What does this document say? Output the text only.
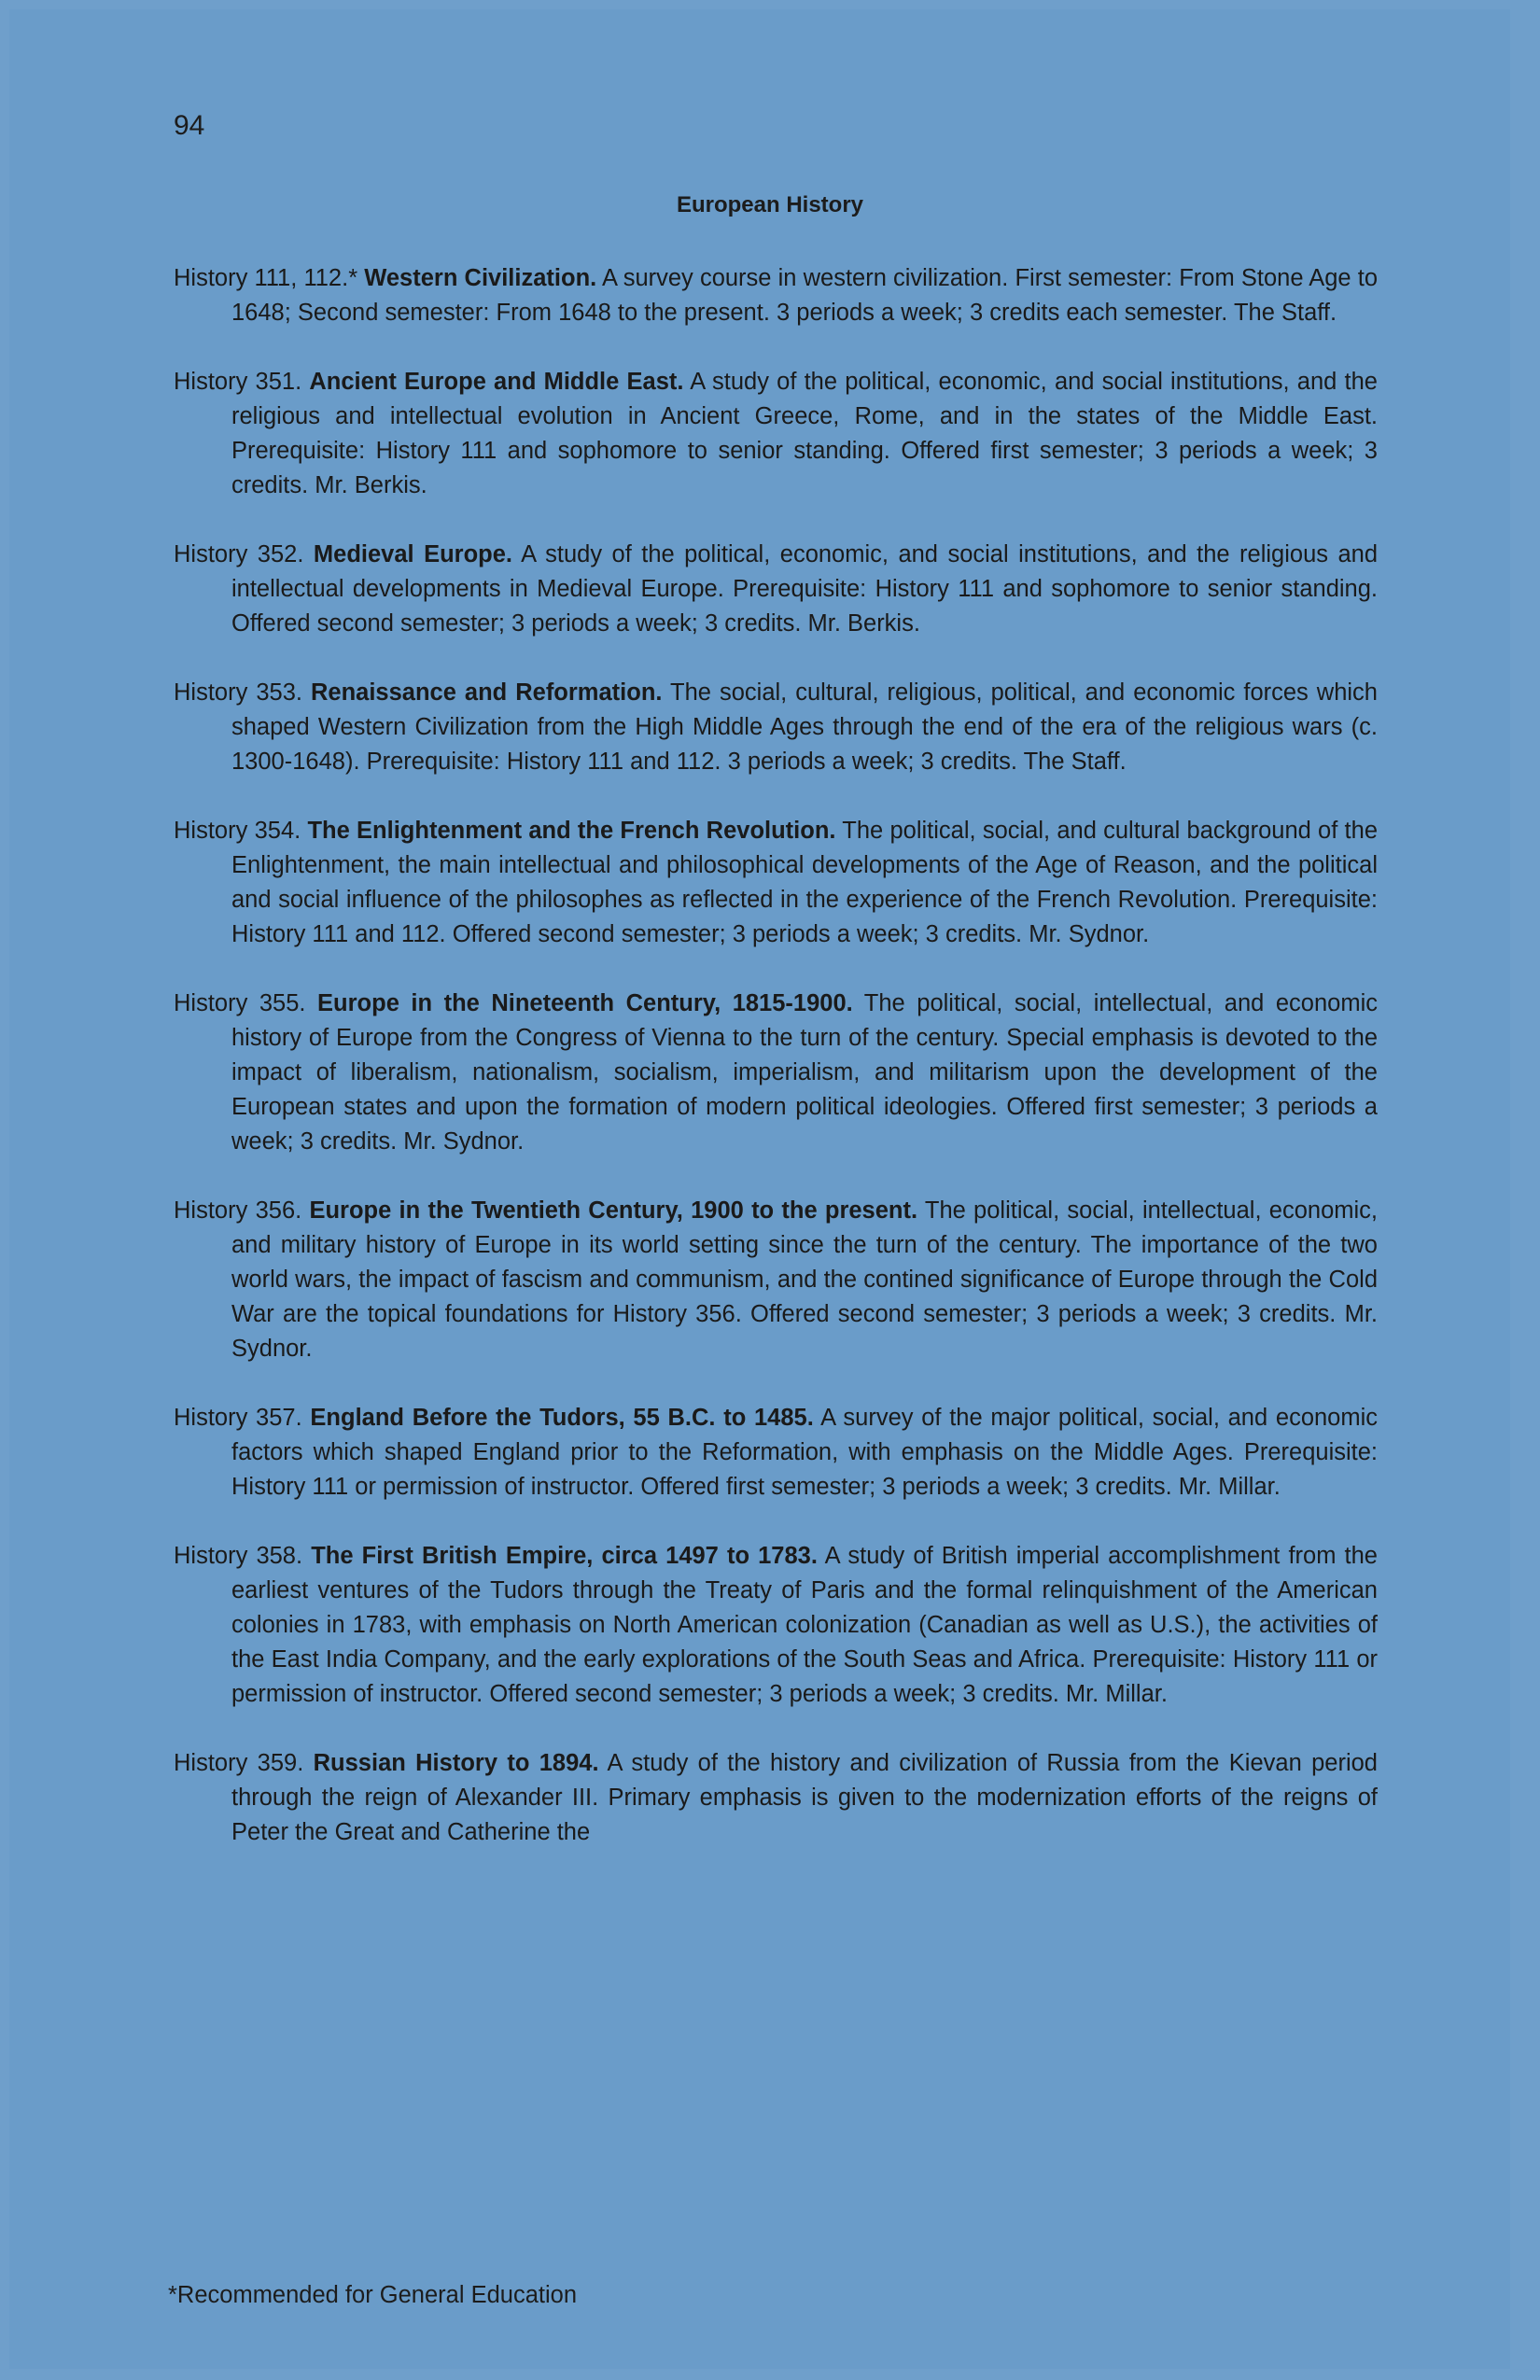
94
European History

History 111, 112.* Western Civilization. A survey course in western civilization. First semester: From Stone Age to 1648; Second semester: From 1648 to the present. 3 periods a week; 3 credits each semester. The Staff.

History 351. Ancient Europe and Middle East. A study of the political, economic, and social institutions, and the religious and intellectual evolution in Ancient Greece, Rome, and in the states of the Middle East. Prerequisite: History 111 and sophomore to senior standing. Offered first semester; 3 periods a week; 3 credits. Mr. Berkis.

History 352. Medieval Europe. A study of the political, economic, and social institutions, and the religious and intellectual developments in Medieval Europe. Prerequisite: History 111 and sophomore to senior standing. Offered second semester; 3 periods a week; 3 credits. Mr. Berkis.

History 353. Renaissance and Reformation. The social, cultural, religious, political, and economic forces which shaped Western Civilization from the High Middle Ages through the end of the era of the religious wars (c. 1300-1648). Prerequisite: History 111 and 112. 3 periods a week; 3 credits. The Staff.

History 354. The Enlightenment and the French Revolution. The political, social, and cultural background of the Enlightenment, the main intellectual and philosophical developments of the Age of Reason, and the political and social influence of the philosophes as reflected in the experience of the French Revolution. Prerequisite: History 111 and 112. Offered second semester; 3 periods a week; 3 credits. Mr. Sydnor.

History 355. Europe in the Nineteenth Century, 1815-1900. The political, social, intellectual, and economic history of Europe from the Congress of Vienna to the turn of the century. Special emphasis is devoted to the impact of liberalism, nationalism, socialism, imperialism, and militarism upon the development of the European states and upon the formation of modern political ideologies. Offered first semester; 3 periods a week; 3 credits. Mr. Sydnor.

History 356. Europe in the Twentieth Century, 1900 to the present. The political, social, intellectual, economic, and military history of Europe in its world setting since the turn of the century. The importance of the two world wars, the impact of fascism and communism, and the contined significance of Europe through the Cold War are the topical foundations for History 356. Offered second semester; 3 periods a week; 3 credits. Mr. Sydnor.

History 357. England Before the Tudors, 55 B.C. to 1485. A survey of the major political, social, and economic factors which shaped England prior to the Reformation, with emphasis on the Middle Ages. Prerequisite: History 111 or permission of instructor. Offered first semester; 3 periods a week; 3 credits. Mr. Millar.

History 358. The First British Empire, circa 1497 to 1783. A study of British imperial accomplishment from the earliest ventures of the Tudors through the Treaty of Paris and the formal relinquishment of the American colonies in 1783, with emphasis on North American colonization (Canadian as well as U.S.), the activities of the East India Company, and the early explorations of the South Seas and Africa. Prerequisite: History 111 or permission of instructor. Offered second semester; 3 periods a week; 3 credits. Mr. Millar.

History 359. Russian History to 1894. A study of the history and civilization of Russia from the Kievan period through the reign of Alexander III. Primary emphasis is given to the modernization efforts of the reigns of Peter the Great and Catherine the

*Recommended for General Education
